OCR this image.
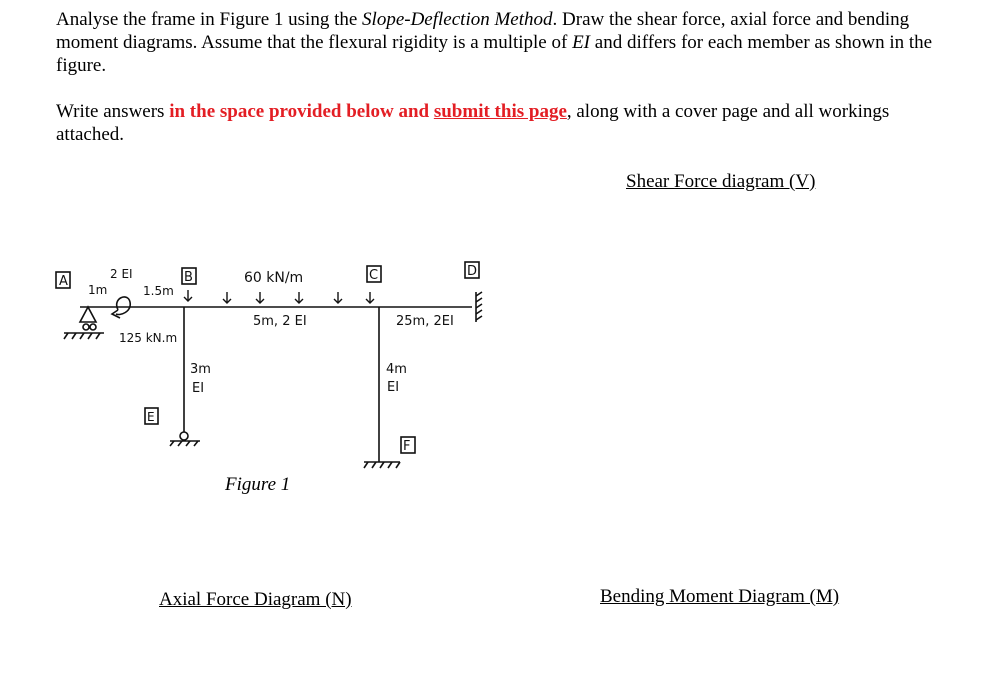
Analyse the frame in Figure 1 using the Slope-Deflection Method. Draw the shear force, axial force and bending moment diagrams. Assume that the flexural rigidity is a multiple of EI and differs for each member as shown in the figure.

Write answers in the space provided below and submit this page, along with a cover page and all workings attached.

Shear Force diagram (V)
Axial Force Diagram (N)	Bending Moment Diagram (M)
A	B	C	D
E
F
2 EI
1m	1.5m
125 kN.m
60 kN/m
5m, 2 EI	25m, 2EI
3m
EI
4m
EI
Figure 1
